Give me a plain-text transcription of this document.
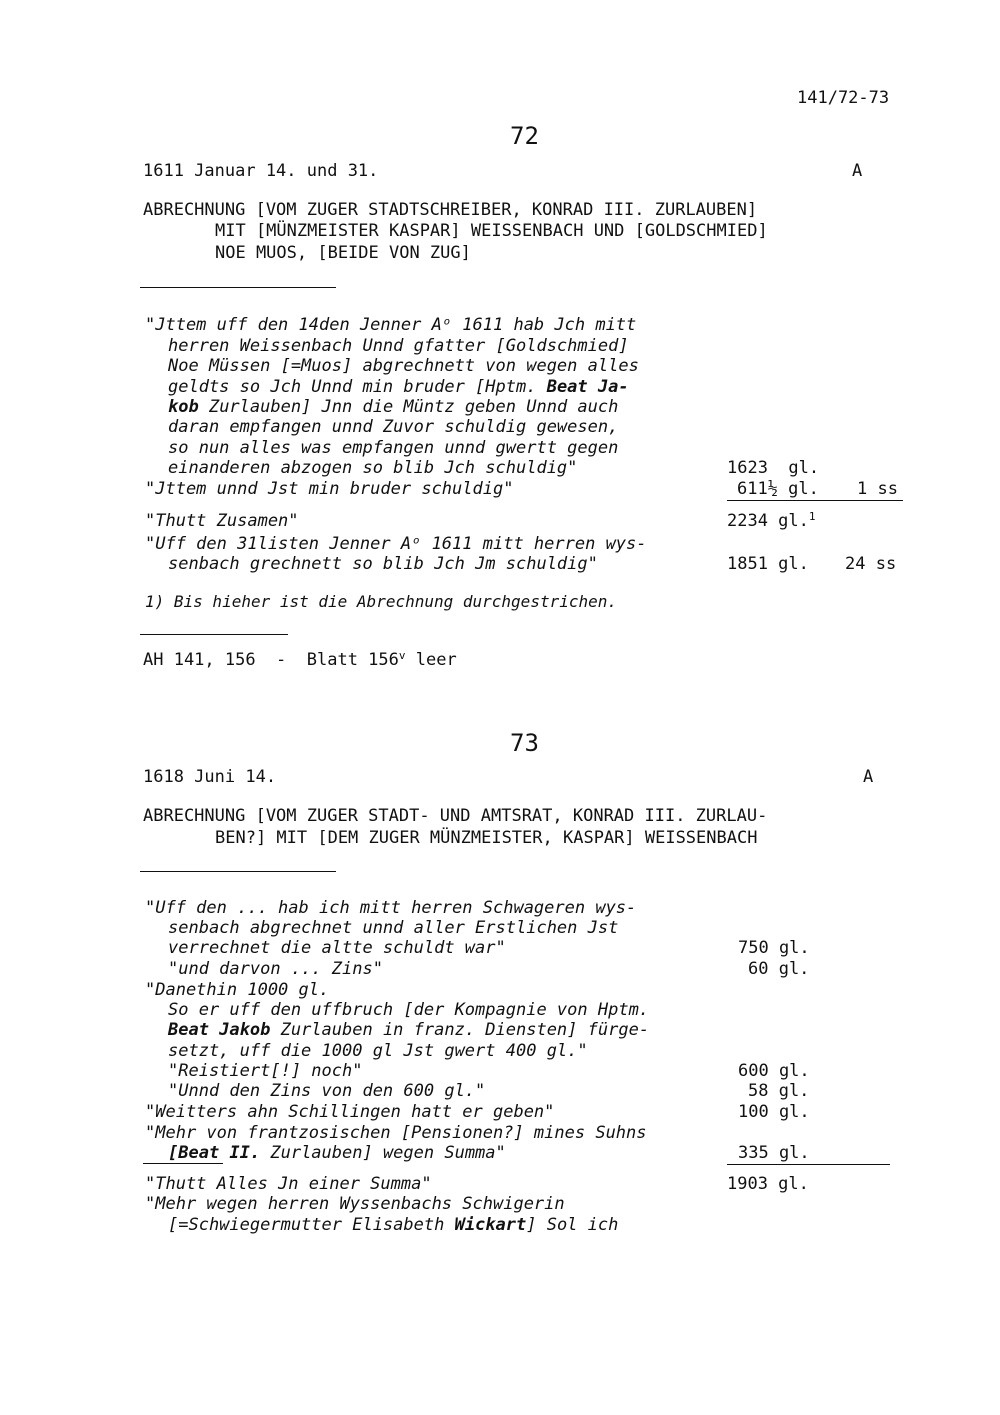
141/72-73
72
1611 Januar 14. und 31.	A
ABRECHNUNG [VOM ZUGER STADTSCHREIBER, KONRAD III. ZURLAUBEN]
MIT [MÜNZMEISTER KASPAR] WEISSENBACH UND [GOLDSCHMIED]
NOE MUOS, [BEIDE VON ZUG]
"Jttem uff den 14den Jenner Aᵒ 1611 hab Jch mitt
herren Weissenbach Unnd gfatter [Goldschmied]
Noe Müssen [=Muos] abgrechnett von wegen alles
geldts so Jch Unnd min bruder [Hptm. Beat Ja-
kob Zurlauben] Jnn die Müntz geben Unnd auch
daran empfangen unnd Zuvor schuldig gewesen,
so nun alles was empfangen unnd gwertt gegen
einanderen abzogen so blib Jch schuldig"	1623  gl.
"Jttem unnd Jst min bruder schuldig"	611½ gl. 1 ss
"Thutt Zusamen"	2234 gl.$^1$
"Uff den 31listen Jenner Aᵒ 1611 mitt herren wys-
senbach grechnett so blib Jch Jm schuldig"	1851 gl. 24 ss
1) Bis hieher ist die Abrechnung durchgestrichen.
AH 141, 156  -  Blatt 156$^v$ leer
73
1618 Juni 14.	A
ABRECHNUNG [VOM ZUGER STADT- UND AMTSRAT, KONRAD III. ZURLAU-
BEN?] MIT [DEM ZUGER MÜNZMEISTER, KASPAR] WEISSENBACH
"Uff den ... hab ich mitt herren Schwageren wys-
senbach abgrechnet unnd aller Erstlichen Jst
verrechnet die altte schuldt war"	750 gl.
"und darvon ... Zins"	60 gl.
"Danethin 1000 gl.
So er uff den uffbruch [der Kompagnie von Hptm.
Beat Jakob Zurlauben in franz. Diensten] fürge-
setzt, uff die 1000 gl Jst gwert 400 gl."
"Reistiert[!] noch"	600 gl.
"Unnd den Zins von den 600 gl."	58 gl.
"Weitters ahn Schillingen hatt er geben"	100 gl.
"Mehr von frantzosischen [Pensionen?] mines Suhns
[Beat II. Zurlauben] wegen Summa"	335 gl.
"Thutt Alles Jn einer Summa"	1903 gl.
"Mehr wegen herren Wyssenbachs Schwigerin
[=Schwiegermutter Elisabeth Wickart] Sol ich
